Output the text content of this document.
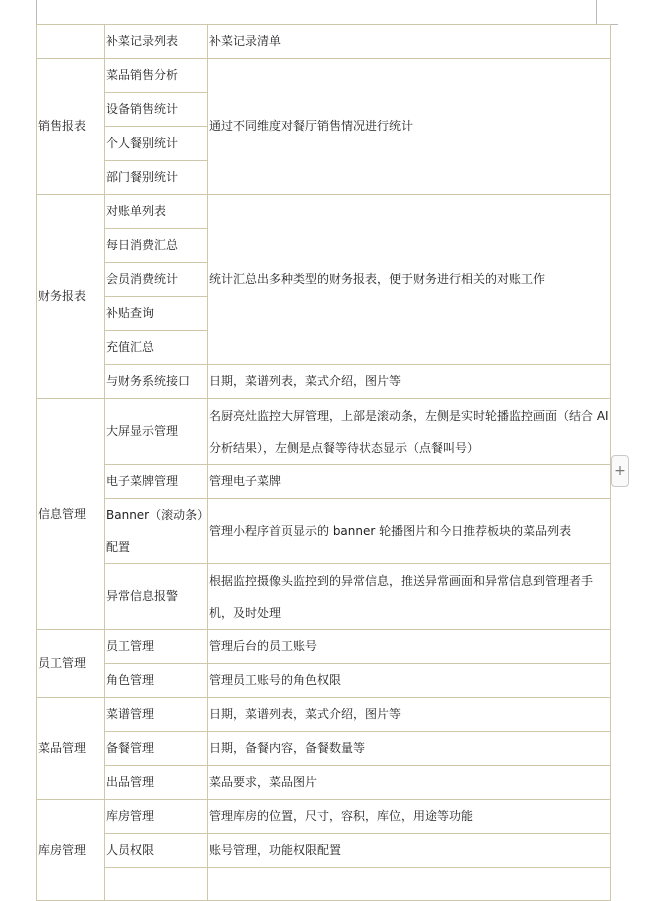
	补菜记录列表	补菜记录清单
销售报表	菜品销售分析	通过不同维度对餐厅销售情况进行统计
	设备销售统计	
	个人餐别统计	
	部门餐别统计	
财务报表	对账单列表	统计汇总出多种类型的财务报表，便于财务进行相关的对账工作
	每日消费汇总	
	会员消费统计	
	补贴查询	
	充值汇总	
	与财务系统接口	日期，菜谱列表，菜式介绍，图片等
信息管理	大屏显示管理	名厨亮灶监控大屏管理，上部是滚动条，左侧是实时轮播监控画面（结合 AI 分析结果），左侧是点餐等待状态显示（点餐叫号）
	电子菜牌管理	管理电子菜牌
	Banner（滚动条）配置	管理小程序首页显示的 banner 轮播图片和今日推荐板块的菜品列表
	异常信息报警	根据监控摄像头监控到的异常信息，推送异常画面和异常信息到管理者手机，及时处理
员工管理	员工管理	管理后台的员工账号
	角色管理	管理员工账号的角色权限
菜品管理	菜谱管理	日期，菜谱列表，菜式介绍，图片等
	备餐管理	日期，备餐内容，备餐数量等
	出品管理	菜品要求，菜品图片
库房管理	库房管理	管理库房的位置，尺寸，容积，库位，用途等功能
	人员权限	账号管理，功能权限配置

+
